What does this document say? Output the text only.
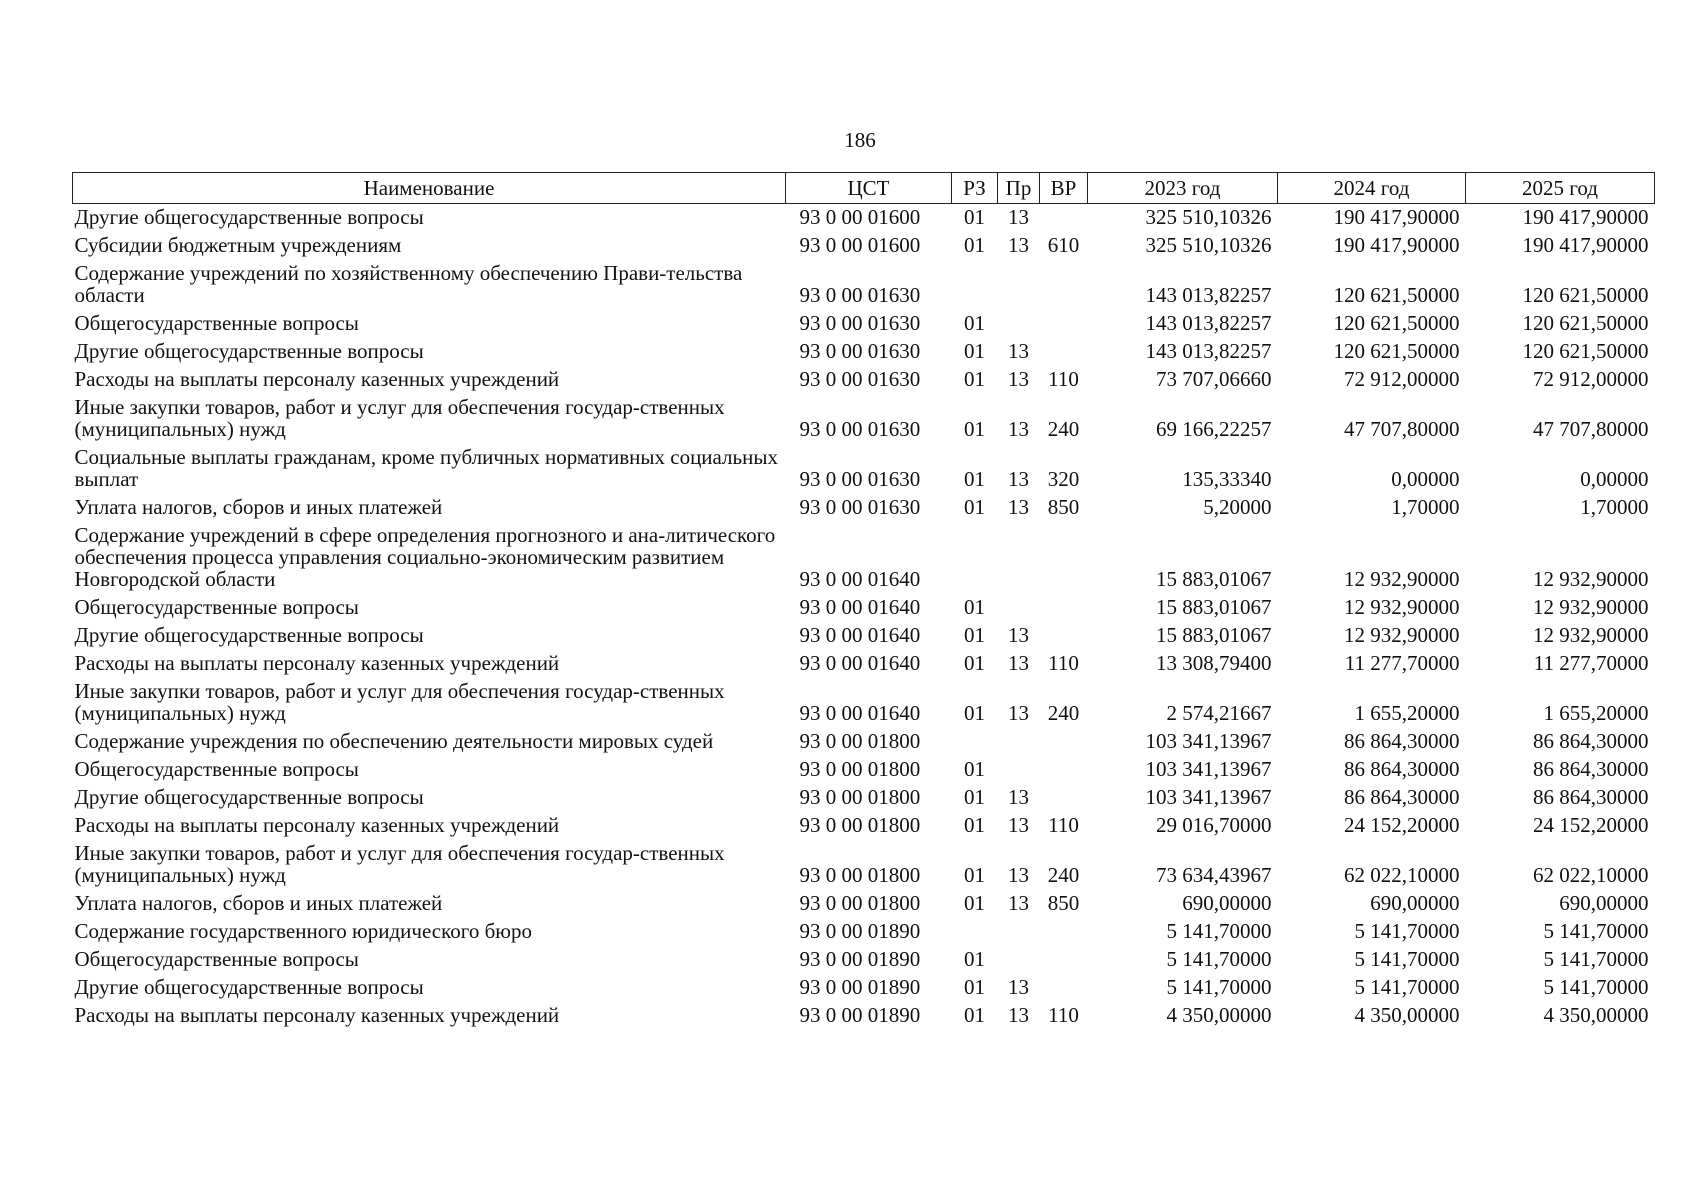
186
Наименование	ЦСТ	РЗ	Пр	ВР	2023 год	2024 год	2025 год
Другие общегосударственные вопросы	93 0 00 01600	01	13		325 510,10326	190 417,90000	190 417,90000
Субсидии бюджетным учреждениям	93 0 00 01600	01	13	610	325 510,10326	190 417,90000	190 417,90000
Содержание учреждений по хозяйственному обеспечению Прави-тельства области	93 0 00 01630				143 013,82257	120 621,50000	120 621,50000
Общегосударственные вопросы	93 0 00 01630	01			143 013,82257	120 621,50000	120 621,50000
Другие общегосударственные вопросы	93 0 00 01630	01	13		143 013,82257	120 621,50000	120 621,50000
Расходы на выплаты персоналу казенных учреждений	93 0 00 01630	01	13	110	73 707,06660	72 912,00000	72 912,00000
Иные закупки товаров, работ и услуг для обеспечения государ-ственных (муниципальных) нужд	93 0 00 01630	01	13	240	69 166,22257	47 707,80000	47 707,80000
Социальные выплаты гражданам, кроме публичных нормативных социальных выплат	93 0 00 01630	01	13	320	135,33340	0,00000	0,00000
Уплата налогов, сборов и иных платежей	93 0 00 01630	01	13	850	5,20000	1,70000	1,70000
Содержание учреждений в сфере определения прогнозного и ана-литического обеспечения процесса управления социально-экономическим развитием Новгородской области	93 0 00 01640				15 883,01067	12 932,90000	12 932,90000
Общегосударственные вопросы	93 0 00 01640	01			15 883,01067	12 932,90000	12 932,90000
Другие общегосударственные вопросы	93 0 00 01640	01	13		15 883,01067	12 932,90000	12 932,90000
Расходы на выплаты персоналу казенных учреждений	93 0 00 01640	01	13	110	13 308,79400	11 277,70000	11 277,70000
Иные закупки товаров, работ и услуг для обеспечения государ-ственных (муниципальных) нужд	93 0 00 01640	01	13	240	2 574,21667	1 655,20000	1 655,20000
Содержание учреждения по обеспечению деятельности мировых судей	93 0 00 01800				103 341,13967	86 864,30000	86 864,30000
Общегосударственные вопросы	93 0 00 01800	01			103 341,13967	86 864,30000	86 864,30000
Другие общегосударственные вопросы	93 0 00 01800	01	13		103 341,13967	86 864,30000	86 864,30000
Расходы на выплаты персоналу казенных учреждений	93 0 00 01800	01	13	110	29 016,70000	24 152,20000	24 152,20000
Иные закупки товаров, работ и услуг для обеспечения государ-ственных (муниципальных) нужд	93 0 00 01800	01	13	240	73 634,43967	62 022,10000	62 022,10000
Уплата налогов, сборов и иных платежей	93 0 00 01800	01	13	850	690,00000	690,00000	690,00000
Содержание государственного юридического бюро	93 0 00 01890				5 141,70000	5 141,70000	5 141,70000
Общегосударственные вопросы	93 0 00 01890	01			5 141,70000	5 141,70000	5 141,70000
Другие общегосударственные вопросы	93 0 00 01890	01	13		5 141,70000	5 141,70000	5 141,70000
Расходы на выплаты персоналу казенных учреждений	93 0 00 01890	01	13	110	4 350,00000	4 350,00000	4 350,00000
